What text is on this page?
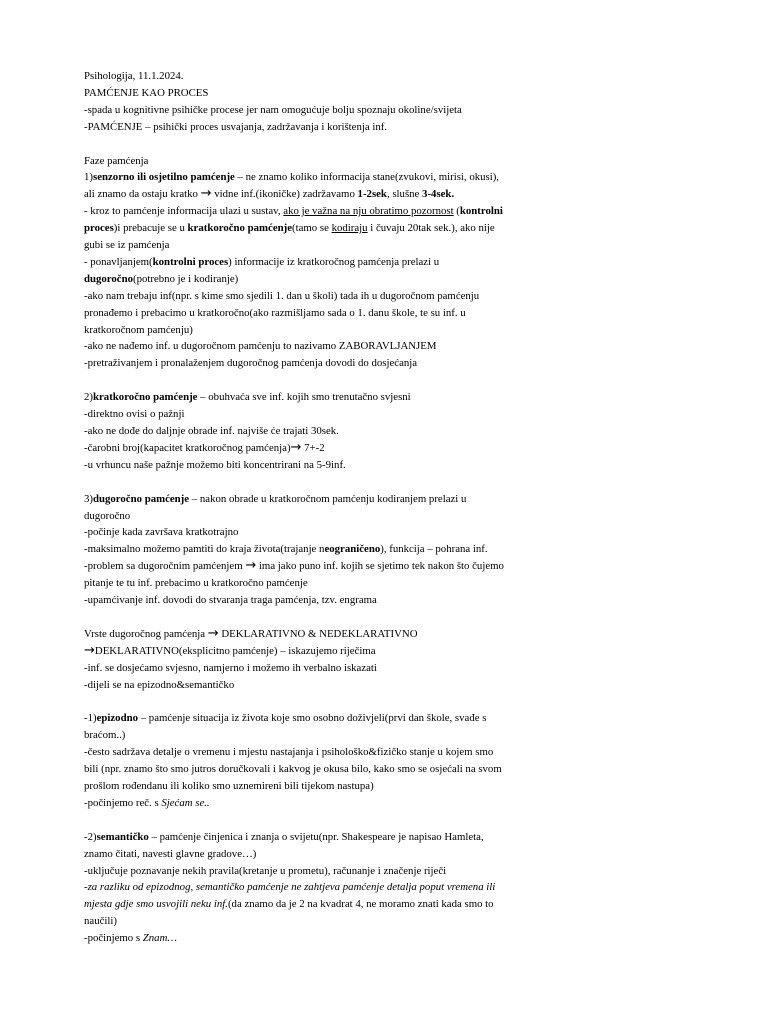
Psihologija, 11.1.2024.
PAMĆENJE KAO PROCES
-spada u kognitivne psihičke procese jer nam omogućuje bolju spoznaju okoline/svijeta
-PAMĆENJE – psihički proces usvajanja, zadržavanja i korištenja inf.
Faze pamćenja
1)senzorno ili osjetilno pamćenje – ne znamo koliko informacija stane(zvukovi, mirisi, okusi),
ali znamo da ostaju kratko → vidne inf.(ikoničke) zadržavamo 1-2sek, slušne 3-4sek.
- kroz to pamćenje informacija ulazi u sustav, ako je važna na nju obratimo pozornost (kontrolni
proces)i prebacuje se u kratkoročno pamćenje(tamo se kodiraju i čuvaju 20tak sek.), ako nije
gubi se iz pamćenja
- ponavljanjem(kontrolni proces) informacije iz kratkoročnog pamćenja prelazi u
dugoročno(potrebno je i kodiranje)
-ako nam trebaju inf(npr. s kime smo sjedili 1. dan u školi) tada ih u dugoročnom pamćenju
pronađemo i prebacimo u kratkoročno(ako razmišljamo sada o 1. danu škole, te su inf. u
kratkoročnom pamćenju)
-ako ne nađemo inf. u dugoročnom pamćenju to nazivamo ZABORAVLJANJEM
-pretraživanjem i pronalaženjem dugoročnog pamćenja dovodi do dosjećanja
2)kratkoročno pamćenje – obuhvaća sve inf. kojih smo trenutačno svjesni
-direktno ovisi o pažnji
-ako ne dođe do daljnje obrade inf. najviše će trajati 30sek.
-čarobni broj(kapacitet kratkoročnog pamćenja)→ 7+-2
-u vrhuncu naše pažnje možemo biti koncentrirani na 5-9inf.
3)dugoročno pamćenje – nakon obrade u kratkoročnom pamćenju kodiranjem prelazi u
dugoročno
-počinje kada završava kratkotrajno
-maksimalno možemo pamtiti do kraja života(trajanje neograničeno), funkcija – pohrana inf.
-problem sa dugoročnim pamćenjem → ima jako puno inf. kojih se sjetimo tek nakon što čujemo
pitanje te tu inf. prebacimo u kratkoročno pamćenje
-upamćivanje inf. dovodi do stvaranja traga pamćenja, tzv. engrama
Vrste dugoročnog pamćenja → DEKLARATIVNO & NEDEKLARATIVNO
→DEKLARATIVNO(eksplicitno pamćenje) – iskazujemo riječima
-inf. se dosjećamo svjesno, namjerno i možemo ih verbalno iskazati
-dijeli se na epizodno&semantičko
-1)epizodno – pamćenje situacija iz života koje smo osobno doživjeli(prvi dan škole, svađe s
braćom..)
-često sadržava detalje o vremenu i mjestu nastajanja i psihološko&fizičko stanje u kojem smo
bili (npr. znamo što smo jutros doručkovali i kakvog je okusa bilo, kako smo se osjećali na svom
prošlom rođendanu ili koliko smo uznemireni bili tijekom nastupa)
-počinjemo reč. s Sjećam se..
-2)semantičko – pamćenje činjenica i znanja o svijetu(npr. Shakespeare je napisao Hamleta,
znamo čitati, navesti glavne gradove…)
-uključuje poznavanje nekih pravila(kretanje u prometu), računanje i značenje riječi
-za razliku od epizodnog, semantičko pamćenje ne zahtjeva pamćenje detalja poput vremena ili
mjesta gdje smo usvojili neku inf.(da znamo da je 2 na kvadrat 4, ne moramo znati kada smo to
naučili)
-počinjemo s Znam…
